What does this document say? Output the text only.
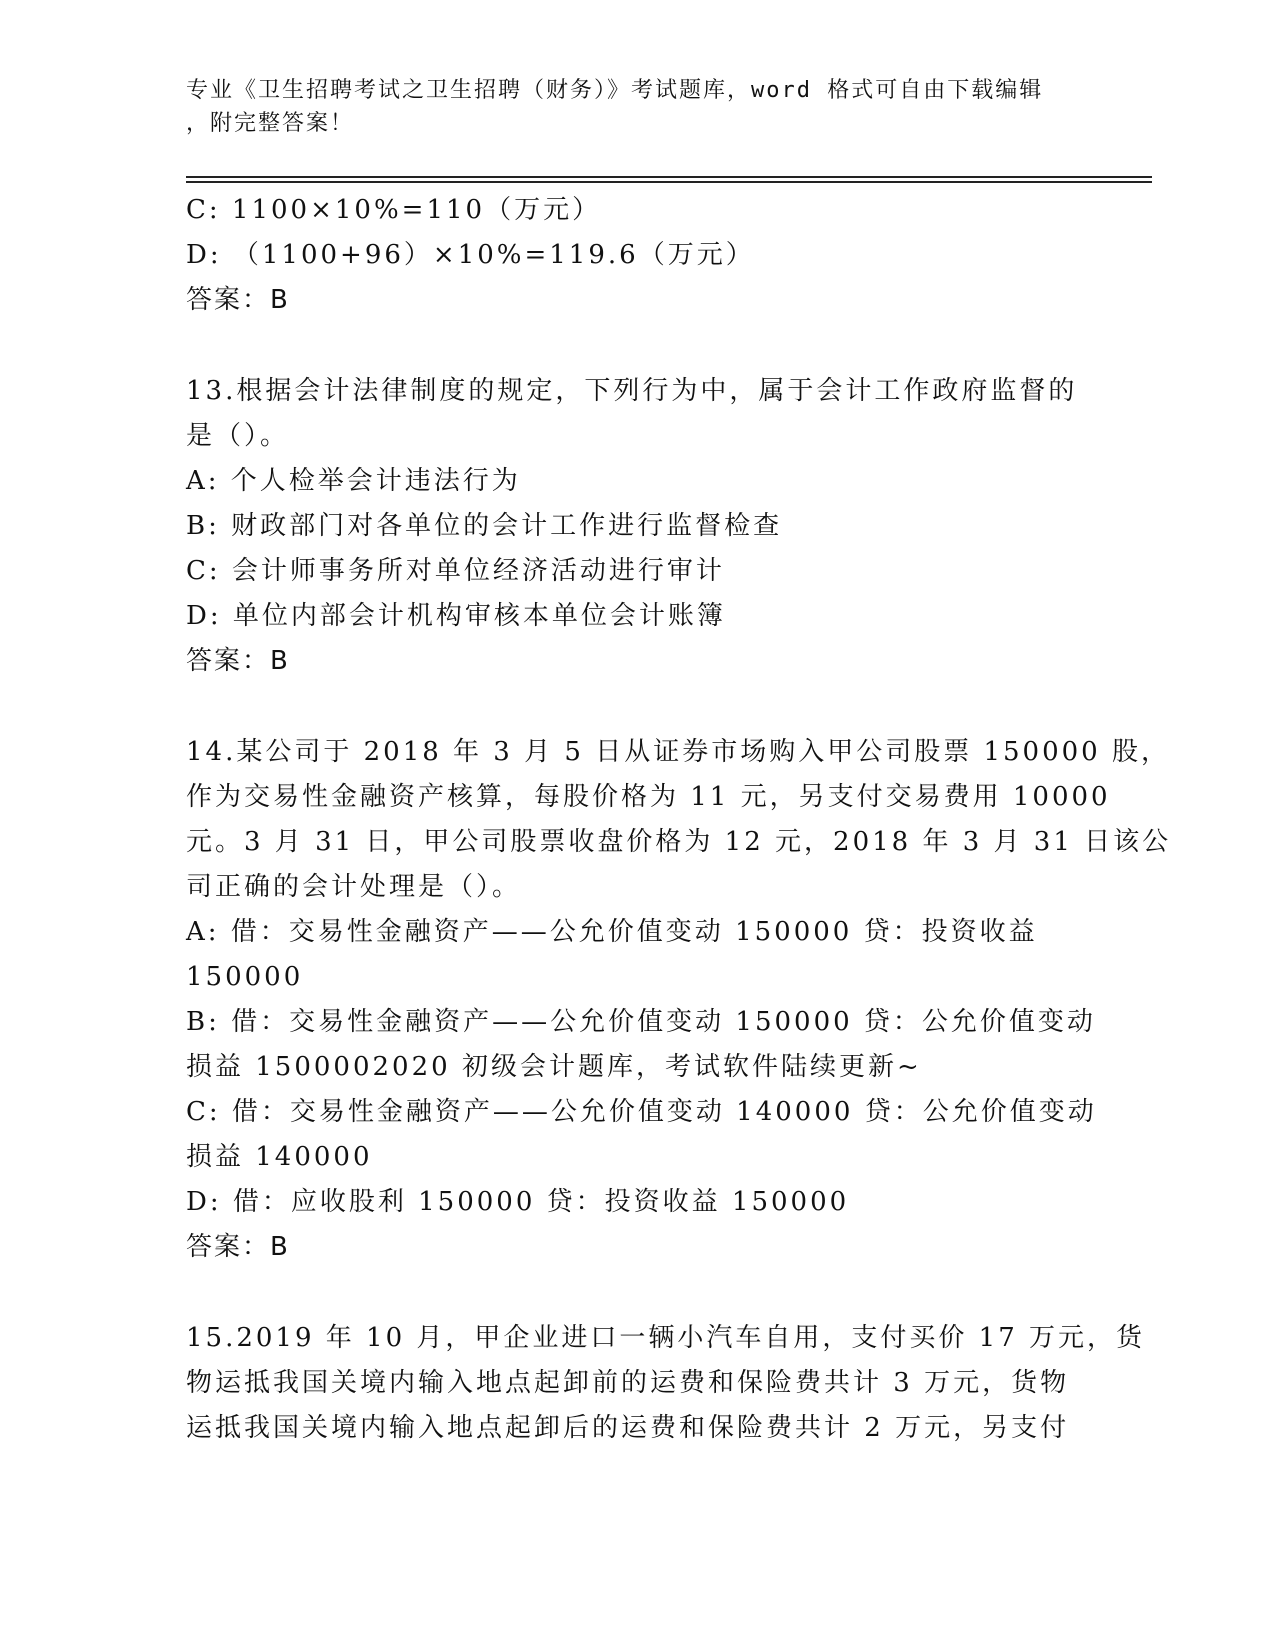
专业《卫生招聘考试之卫生招聘（财务）》考试题库，word 格式可自由下载编辑
，附完整答案！
C: 1100×10%=110（万元）
D: （1100+96）×10%=119.6（万元）
答案：B
13.根据会计法律制度的规定，下列行为中，属于会计工作政府监督的
是（）。
A: 个人检举会计违法行为
B: 财政部门对各单位的会计工作进行监督检查
C: 会计师事务所对单位经济活动进行审计
D: 单位内部会计机构审核本单位会计账簿
答案：B
14.某公司于 2018 年 3 月 5 日从证券市场购入甲公司股票 150000 股，
作为交易性金融资产核算，每股价格为 11 元，另支付交易费用 10000
元。3 月 31 日，甲公司股票收盘价格为 12 元，2018 年 3 月 31 日该公
司正确的会计处理是（）。
A: 借：交易性金融资产——公允价值变动 150000 贷：投资收益
150000
B: 借：交易性金融资产——公允价值变动 150000 贷：公允价值变动
损益 1500002020 初级会计题库，考试软件陆续更新~
C: 借：交易性金融资产——公允价值变动 140000 贷：公允价值变动
损益 140000
D: 借：应收股利 150000 贷：投资收益 150000
答案：B
15.2019 年 10 月，甲企业进口一辆小汽车自用，支付买价 17 万元，货
物运抵我国关境内输入地点起卸前的运费和保险费共计 3 万元，货物
运抵我国关境内输入地点起卸后的运费和保险费共计 2 万元，另支付
